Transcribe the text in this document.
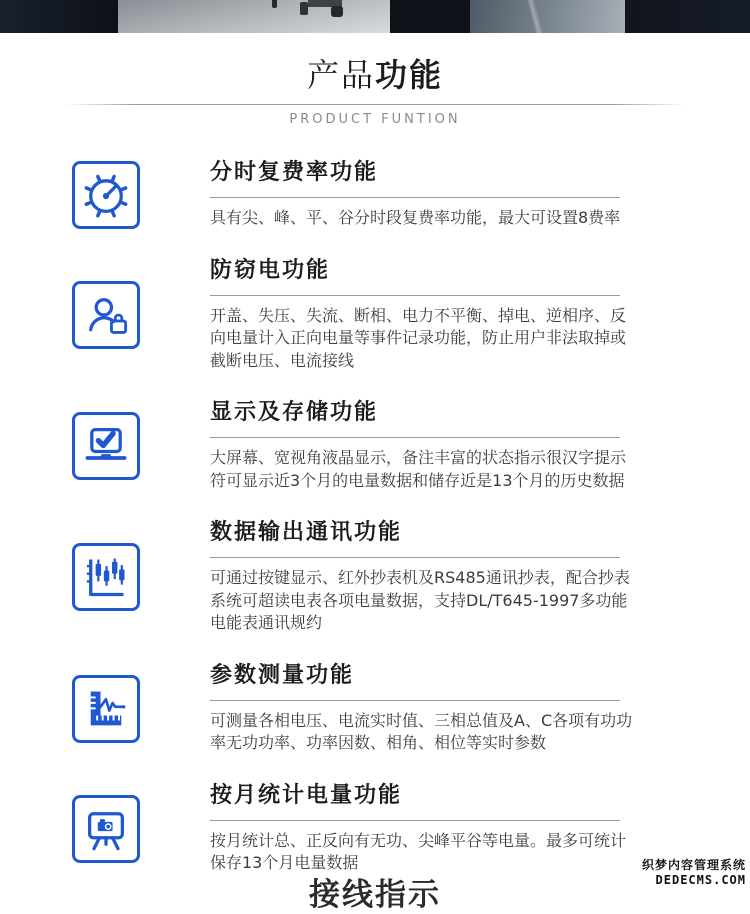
产品功能
PRODUCT FUNTION
分时复费率功能

具有尖、峰、平、谷分时段复费率功能，最大可设置8费率

防窃电功能

开盖、失压、失流、断相、电力不平衡、掉电、逆相序、反向电量计入正向电量等事件记录功能，防止用户非法取掉或截断电压、电流接线

显示及存储功能

大屏幕、宽视角液晶显示，备注丰富的状态指示很汉字提示符可显示近3个月的电量数据和储存近是13个月的历史数据

数据输出通讯功能

可通过按键显示、红外抄表机及RS485通讯抄表，配合抄表系统可超读电表各项电量数据，支持DL/T645-1997多功能电能表通讯规约

参数测量功能

可测量各相电压、电流实时值、三相总值及A、C各项有功功率无功功率、功率因数、相角、相位等实时参数

按月统计电量功能

按月统计总、正反向有无功、尖峰平谷等电量。最多可统计保存13个月电量数据

接线指示
织梦内容管理系统
DEDECMS.COM
